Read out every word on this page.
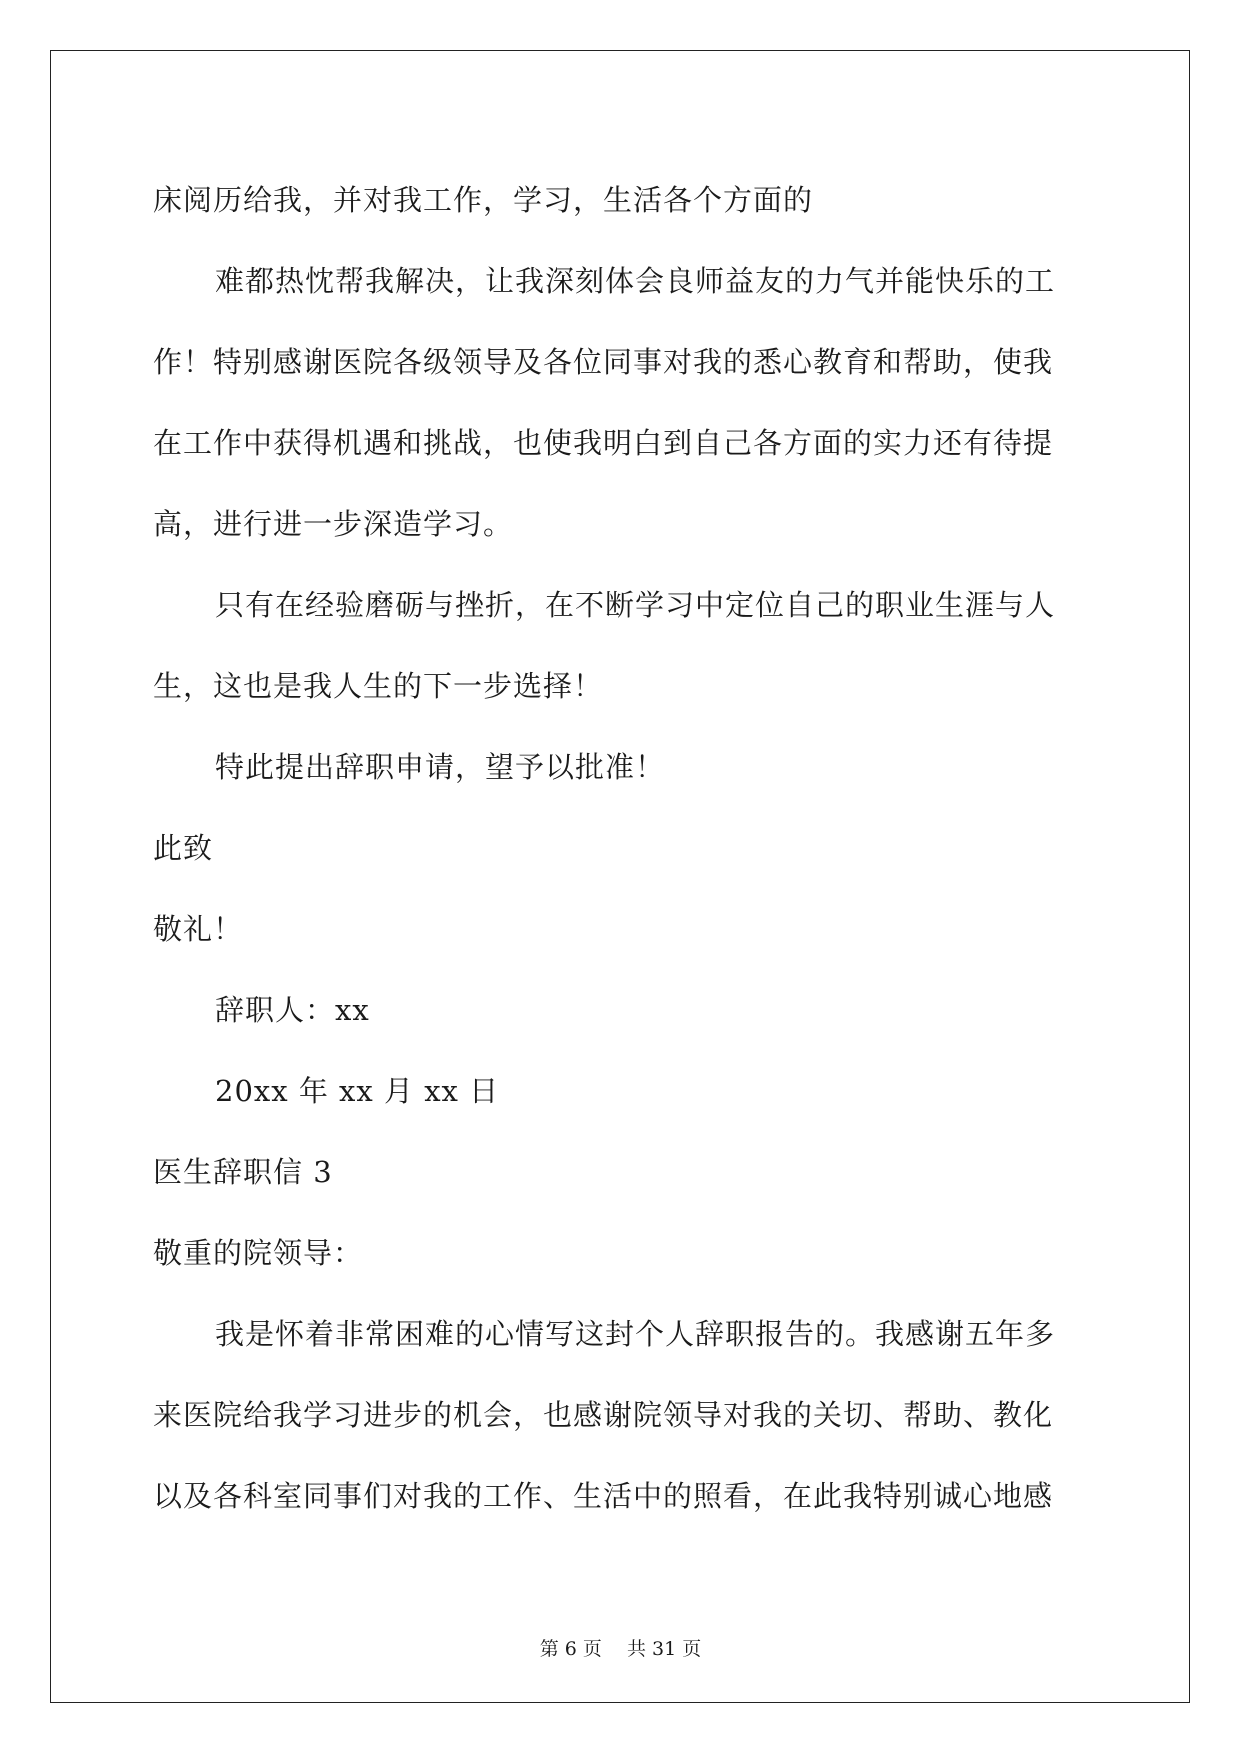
床阅历给我，并对我工作，学习，生活各个方面的
难都热忱帮我解决，让我深刻体会良师益友的力气并能快乐的工
作！特别感谢医院各级领导及各位同事对我的悉心教育和帮助，使我
在工作中获得机遇和挑战，也使我明白到自己各方面的实力还有待提
高，进行进一步深造学习。
只有在经验磨砺与挫折，在不断学习中定位自己的职业生涯与人
生，这也是我人生的下一步选择！
特此提出辞职申请，望予以批准！
此致
敬礼！
辞职人：xx
20xx 年 xx 月 xx 日
医生辞职信 3
敬重的院领导：
我是怀着非常困难的心情写这封个人辞职报告的。我感谢五年多
来医院给我学习进步的机会，也感谢院领导对我的关切、帮助、教化
以及各科室同事们对我的工作、生活中的照看，在此我特别诚心地感
第 6 页　 共 31 页
